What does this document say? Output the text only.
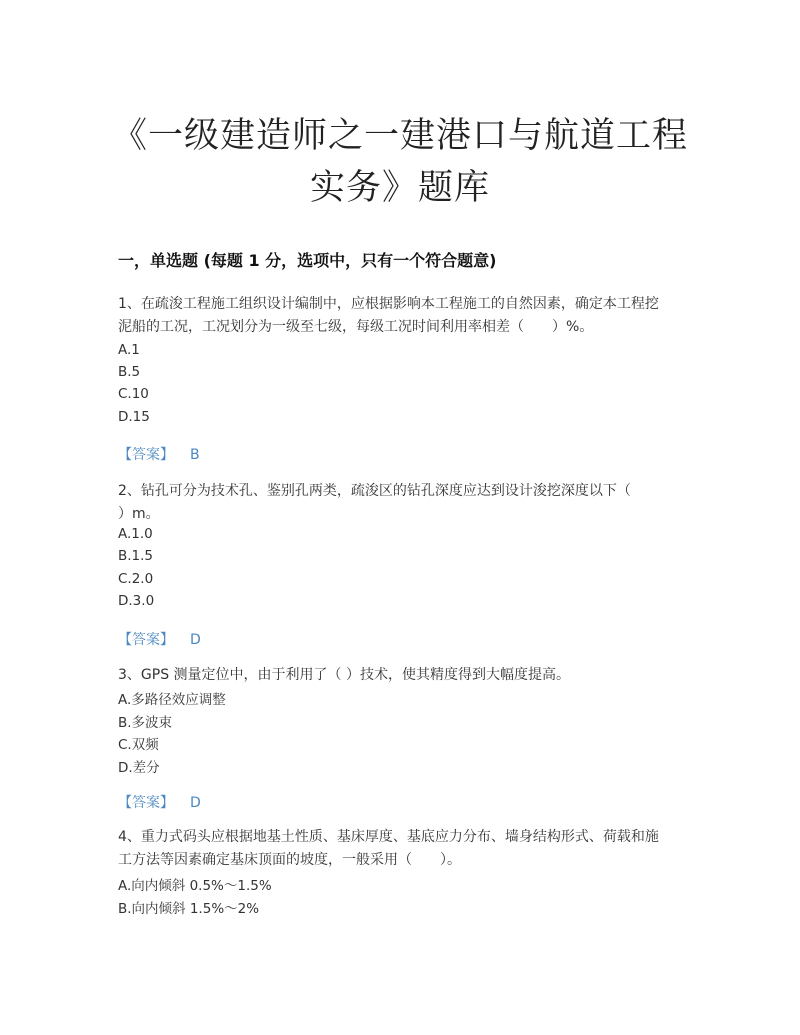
《一级建造师之一建港口与航道工程
实务》题库
一，单选题 (每题 1 分，选项中，只有一个符合题意)
1、在疏浚工程施工组织设计编制中，应根据影响本工程施工的自然因素，确定本工程挖
泥船的工况，工况划分为一级至七级，每级工况时间利用率相差（　　）%。
A.1
B.5
C.10
D.15
【答案】 B
2、钻孔可分为技术孔、鉴别孔两类，疏浚区的钻孔深度应达到设计浚挖深度以下（
）m。
A.1.0
B.1.5
C.2.0
D.3.0
【答案】 D
3、GPS 测量定位中，由于利用了（ ）技术，使其精度得到大幅度提高。
A.多路径效应调整
B.多波束
C.双频
D.差分
【答案】 D
4、重力式码头应根据地基土性质、基床厚度、基底应力分布、墙身结构形式、荷载和施
工方法等因素确定基床顶面的坡度，一般采用（　　）。
A.向内倾斜 0.5%～1.5%
B.向内倾斜 1.5%～2%
